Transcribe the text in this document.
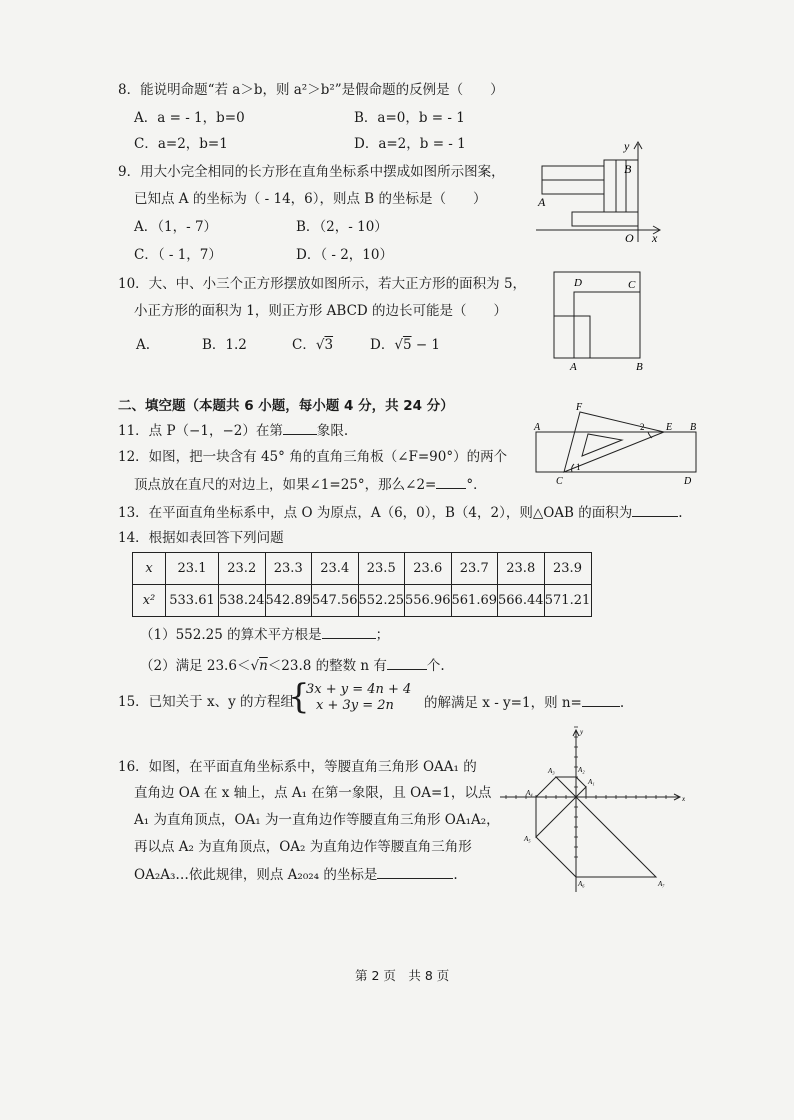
8．能说明命题“若 a＞b，则 a²＞b²”是假命题的反例是（　　）
A．a = - 1，b=0	B．a=0，b = - 1
C．a=2，b=1	D．a=2，b = - 1
9．用大小完全相同的长方形在直角坐标系中摆成如图所示图案，
已知点 A 的坐标为（ - 14，6），则点 B 的坐标是（　　）
A．（1，- 7）	B．（2，- 10）
C．（ - 1，7）	D．（ - 2，10）
y
x
O
A
B
10．大、中、小三个正方形摆放如图所示，若大正方形的面积为 5，
小正方形的面积为 1，则正方形 ABCD 的边长可能是（　　）
A.	B．1.2	C．√3	D．√5 − 1
D	C
A	B
二、填空题（本题共 6 小题，每小题 4 分，共 24 分）
11．点 P（−1，−2）在第	象限.
12．如图，把一块含有 45° 角的直角三角板（∠F=90°）的两个
顶点放在直尺的对边上，如果∠1=25°，那么∠2= °．
A	B
C	D
E
F
1
2
13．在平面直角坐标系中，点 O 为原点，A（6，0），B（4，2），则△OAB 的面积为	.
14．根据如表回答下列问题
x	23.1	23.2	23.3	23.4	23.5	23.6	23.7	23.8	23.9
x²	533.61	538.24	542.89	547.56	552.25	556.96	561.69	566.44	571.21
（1）552.25 的算术平方根是	；
（2）满足 23.6＜√n＜23.8 的整数 n 有	个.
15．已知关于 x、y 的方程组
{
3x + y = 4n + 4
x + 3y = 2n	的解满足 x - y=1，则 n=	.
16．如图，在平面直角坐标系中，等腰直角三角形 OAA₁ 的
直角边 OA 在 x 轴上，点 A₁ 在第一象限，且 OA=1，以点
A₁ 为直角顶点，OA₁ 为一直角边作等腰直角三角形 OA₁A₂，
再以点 A₂ 为直角顶点，OA₂ 为直角边作等腰直角三角形
OA₂A₃…依此规律，则点 A₂₀₂₄ 的坐标是	.
x
y
A₁
A₂
A₃
A₄
A₅
A₆	A₇
第 2 页　共 8 页
